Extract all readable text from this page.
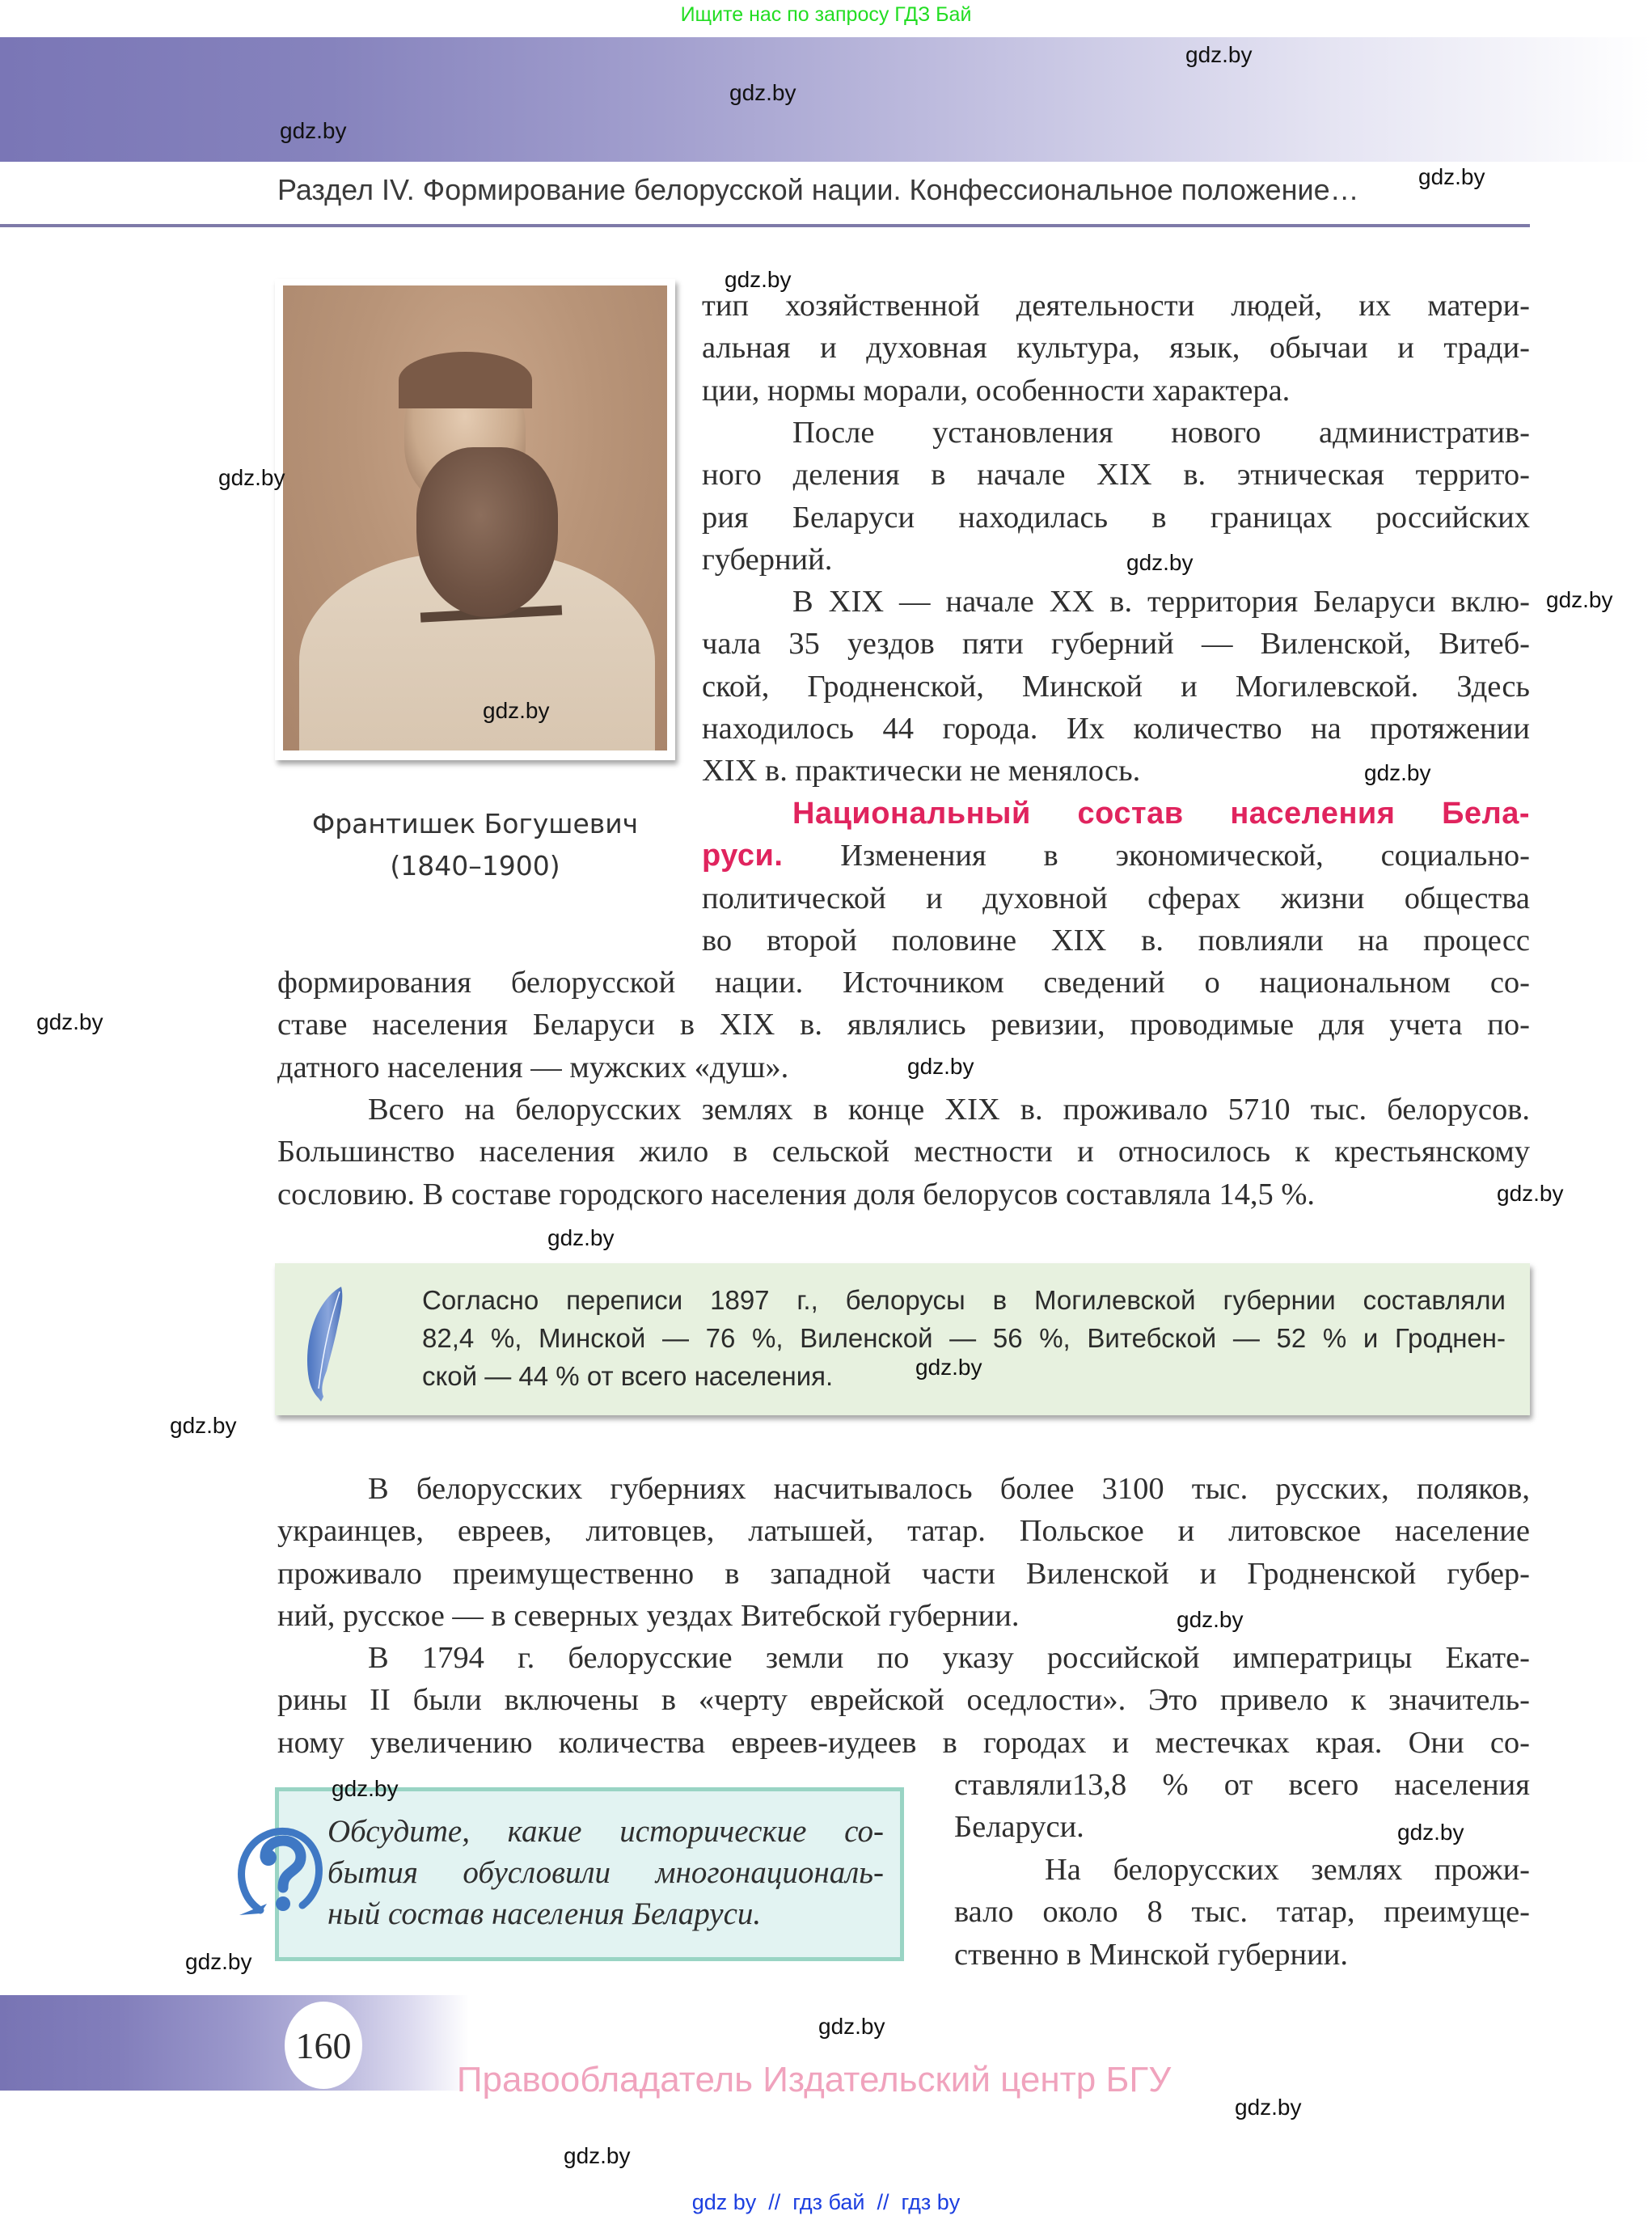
Ищите нас по запросу ГДЗ Бай
Раздел IV. Формирование белорусской нации. Конфессиональное положение…
Франтишек Богушевич
(1840–1900)
тип хозяйственной деятельности людей, их матери-
альная и духовная культура, язык, обычаи и тради-
ции, нормы морали, особенности характера.
После установления нового административ-
ного деления в начале XIX в. этническая террито-
рия Беларуси находилась в границах российских
губерний.
В XIX — начале XX в. территория Беларуси вклю-
чала 35 уездов пяти губерний — Виленской, Витеб-
ской, Гродненской, Минской и Могилевской. Здесь
находилось 44 города. Их количество на протяжении
XIX в. практически не менялось.
Национальный состав населения Бела-
руси. Изменения в экономической, социально-
политической и духовной сферах жизни общества
во второй половине XIX в. повлияли на процесс
формирования белорусской нации. Источником сведений о национальном со-
ставе населения Беларуси в XIX в. являлись ревизии, проводимые для учета по-
датного населения — мужских «душ».
Всего на белорусских землях в конце XIX в. проживало 5710 тыс. белорусов.
Большинство населения жило в сельской местности и относилось к крестьянскому
сословию. В составе городского населения доля белорусов составляла 14,5 %.
Согласно переписи 1897 г., белорусы в Могилевской губернии составляли
82,4 %, Минской — 76 %, Виленской — 56 %, Витебской — 52 % и Гроднен-
ской — 44 % от всего населения.
В белорусских губерниях насчитывалось более 3100 тыс. русских, поляков,
украинцев, евреев, литовцев, латышей, татар. Польское и литовское население
проживало преимущественно в западной части Виленской и Гродненской губер-
ний, русское — в северных уездах Витебской губернии.
В 1794 г. белорусские земли по указу российской императрицы Екате-
рины II были включены в «черту еврейской оседлости». Это привело к значитель-
ному увеличению количества евреев-иудеев в городах и местечках края. Они со-
ставляли13,8 % от всего населения
Беларуси.
На белорусских землях прожи-
вало около 8 тыс. татар, преимуще-
ственно в Минской губернии.
Обсудите, какие исторические со-
бытия обусловили многонациональ-
ный состав населения Беларуси.
gdz.by
gdz.by
gdz.by
gdz.by
gdz.by
gdz.by
gdz.by
gdz.by
gdz.by
gdz.by
gdz.by
gdz.by
gdz.by
gdz.by
gdz.by
gdz.by
gdz.by
gdz.by
gdz.by
gdz.by
gdz.by
gdz.by
gdz.by
160
Правообладатель Издательский центр БГУ
gdz by  //  гдз бай  //  гдз by
